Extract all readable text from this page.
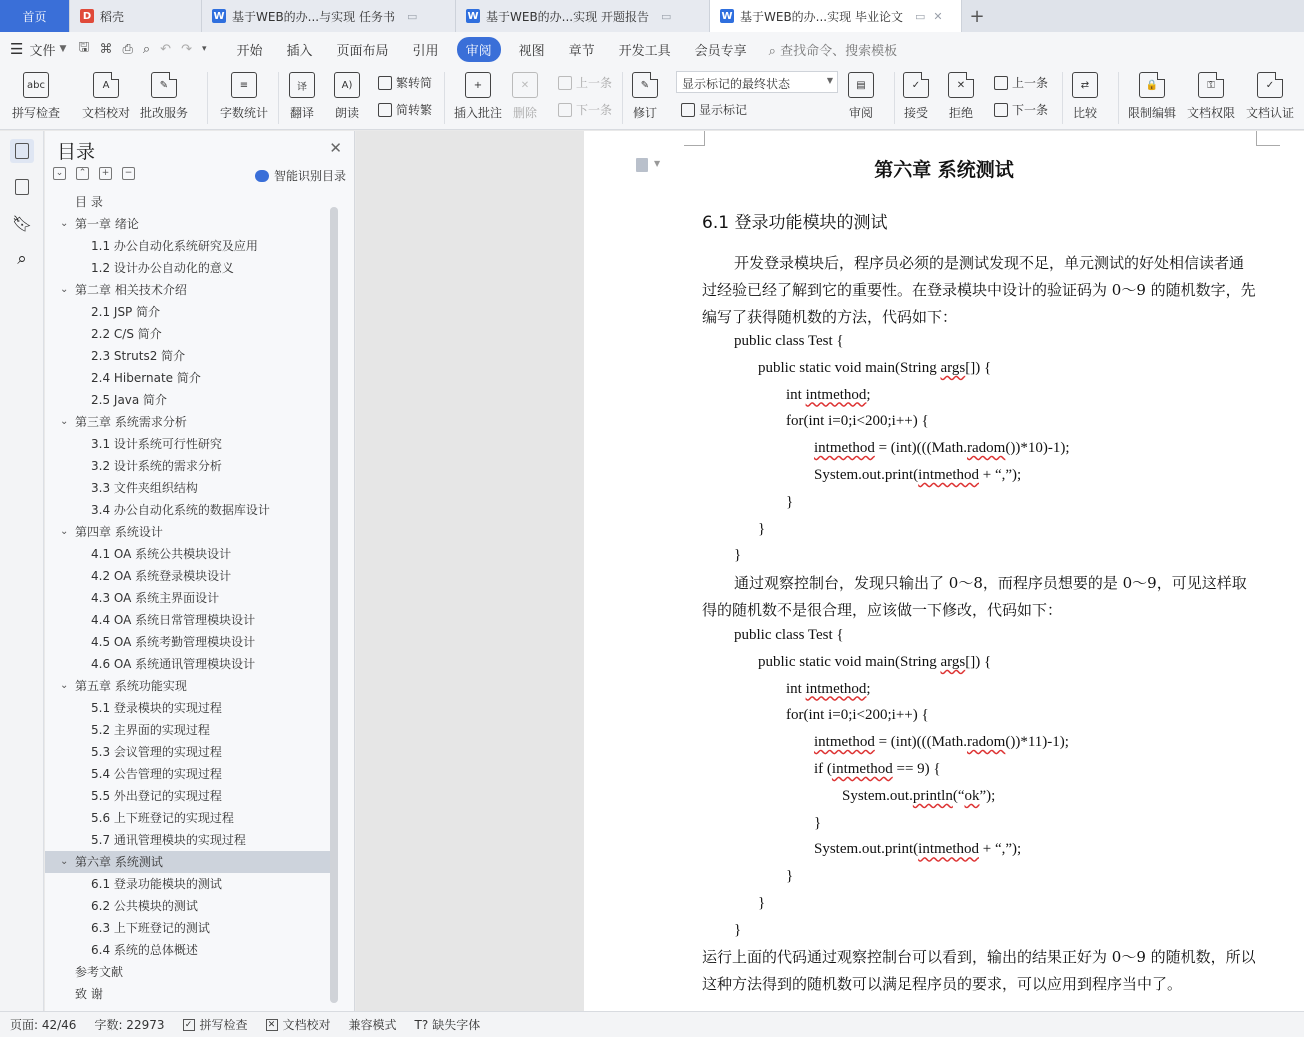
首页	D 稻壳	W 基于WEB的办...与实现 任务书 ▭	W 基于WEB的办...实现 开题报告 ▭	W 基于WEB的办...实现 毕业论文 ▭ ✕	+
☰ 文件 ▼ 🖫 ⌘ ⎙ ⌕ ↶ ↷ ▾ 开始 插入 页面布局 引用	审阅	视图 章节 开发工具 会员专享 ⌕ 查找命令、搜索模板
abc
拼写检查
A
文档校对
✎
批改服务
≡
字数统计
译
翻译
A)
朗读
繁转简
简转繁
+
插入批注
✕
删除
上一条
下一条
✎
修订
显示标记的最终状态	▼
显示标记
▤
审阅
✓
接受
✕
拒绝
上一条
下一条
⇄
比较
🔒
限制编辑
⚿
文档权限
✓
文档认证
🔖︎
⌕
目录	✕
⌄	⌃	+	−	智能识别目录
目 录
⌄ 第一章 绪论
1.1 办公自动化系统研究及应用
1.2 设计办公自动化的意义
⌄ 第二章 相关技术介绍
2.1 JSP 简介
2.2 C/S 简介
2.3 Struts2 简介
2.4 Hibernate 简介
2.5 Java 简介
⌄ 第三章 系统需求分析
3.1 设计系统可行性研究
3.2 设计系统的需求分析
3.3 文件夹组织结构
3.4 办公自动化系统的数据库设计
⌄ 第四章 系统设计
4.1 OA 系统公共模块设计
4.2 OA 系统登录模块设计
4.3 OA 系统主界面设计
4.4 OA 系统日常管理模块设计
4.5 OA 系统考勤管理模块设计
4.6 OA 系统通讯管理模块设计
⌄ 第五章 系统功能实现
5.1 登录模块的实现过程
5.2 主界面的实现过程
5.3 会议管理的实现过程
5.4 公告管理的实现过程
5.5 外出登记的实现过程
5.6 上下班登记的实现过程
5.7 通讯管理模块的实现过程
⌄ 第六章 系统测试
6.1 登录功能模块的测试
6.2 公共模块的测试
6.3 上下班登记的测试
6.4 系统的总体概述
参考文献
致 谢
▼	第六章 系统测试
6.1 登录功能模块的测试
开发登录模块后，程序员必须的是测试发现不足，单元测试的好处相信读者通过经验已经了解到它的重要性。在登录模块中设计的验证码为 0～9 的随机数字，先编写了获得随机数的方法，代码如下：
public class Test {
public static void main(String args[]) {
int intmethod;
for(int i=0;i<200;i++) {
intmethod = (int)(((Math.radom())*10)-1);
System.out.print(intmethod + “,”);
}
}
}
通过观察控制台，发现只输出了 0～8，而程序员想要的是 0～9，可见这样取得的随机数不是很合理，应该做一下修改，代码如下：
public class Test {
public static void main(String args[]) {
int intmethod;
for(int i=0;i<200;i++) {
intmethod = (int)(((Math.radom())*11)-1);
if (intmethod == 9) {
System.out.println(“ok”);
}
System.out.print(intmethod + “,”);
}
}
}
运行上面的代码通过观察控制台可以看到，输出的结果正好为 0～9 的随机数，所以这种方法得到的随机数可以满足程序员的要求，可以应用到程序当中了。
页面: 42/46 字数: 22973 ✓ 拼写检查 ✕ 文档校对 兼容模式 T? 缺失字体
